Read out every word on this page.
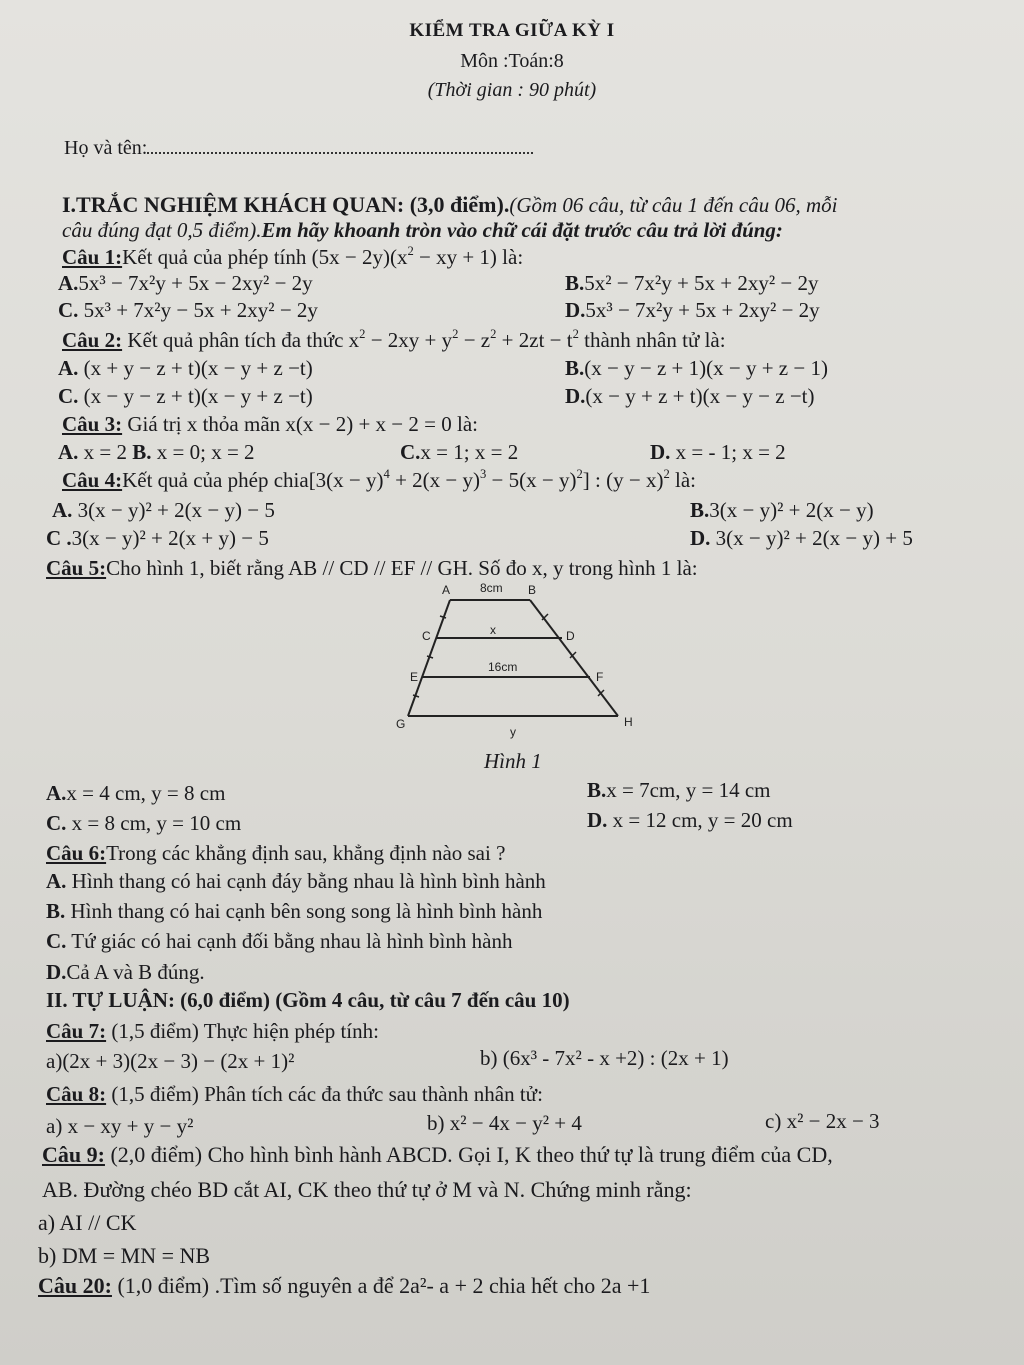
KIỂM TRA GIỮA KỲ I
Môn :Toán:8
(Thời gian : 90 phút)
Họ và tên:
I.TRẮC NGHIỆM KHÁCH QUAN: (3,0 điểm).(Gồm 06 câu, từ câu 1 đến câu 06, mỗi
câu đúng đạt 0,5 điểm).Em hãy khoanh tròn vào chữ cái đặt trước câu trả lời đúng:
Câu 1:Kết quả của phép tính $(5x - 2y)(x^2$ − xy + 1) là:
A.5x³ − 7x²y + 5x − 2xy² − 2y	B.5x² − 7x²y + 5x + 2xy² − 2y
C. 5x³ + 7x²y − 5x + 2xy² − 2y	D.5x³ − 7x²y + 5x + 2xy² − 2y
Câu 2: Kết quả phân tích đa thức $x^2 - 2xy + y^2 - z^2 + 2zt - t^2$ thành nhân tử là:
A. (x + y − z + t)(x − y + z −t)	B.(x − y − z + 1)(x − y + z − 1)
C. (x − y − z + t)(x − y + z −t)	D.(x − y + z + t)(x − y − z −t)
Câu 3: Giá trị x thỏa mãn x(x − 2) + x − 2 = 0 là:
A. x = 2 B. x = 0; x = 2	C.x = 1; x = 2	D. x = - 1; x = 2
Câu 4:Kết quả của phép chia[3(x − $y)^4 + 2(x - y)^3 - 5(x - y)^2$] : $(y - x)^2$ là:
A. 3(x − y)² + 2(x − y) − 5	B.3(x − y)² + 2(x − y)
C .3(x − y)² + 2(x + y) − 5	D. 3(x − y)² + 2(x − y) + 5
Câu 5:Cho hình 1, biết rằng AB // CD // EF // GH. Số đo x, y trong hình 1 là:
A 8cm B
C	x	D
E
16cm
F
G
y
H
Hình 1
A.x = 4 cm, y = 8 cm	B.x = 7cm, y = 14 cm
C. x = 8 cm, y = 10 cm	D. x = 12 cm, y = 20 cm
Câu 6:Trong các khẳng định sau, khẳng định nào sai ?
A. Hình thang có hai cạnh đáy bằng nhau là hình bình hành
B. Hình thang có hai cạnh bên song song là hình bình hành
C. Tứ giác có hai cạnh đối bằng nhau là hình bình hành
D.Cả A và B đúng.
II. TỰ LUẬN: (6,0 điểm) (Gồm 4 câu, từ câu 7 đến câu 10)
Câu 7: (1,5 điểm) Thực hiện phép tính:
a)(2x + 3)(2x − 3) − (2x + 1)²	b) (6x³ - 7x² - x +2) : (2x + 1)
Câu 8: (1,5 điểm) Phân tích các đa thức sau thành nhân tử:
a) x − xy + y − y²	b) x² − 4x − y² + 4	c) x² − 2x − 3
Câu 9: (2,0 điểm) Cho hình bình hành ABCD. Gọi I, K theo thứ tự là trung điểm của CD,
AB. Đường chéo BD cắt AI, CK theo thứ tự ở M và N. Chứng minh rằng:
a) AI // CK
b) DM = MN = NB
Câu 20: (1,0 điểm) .Tìm số nguyên a để 2a²- a + 2 chia hết cho 2a +1
